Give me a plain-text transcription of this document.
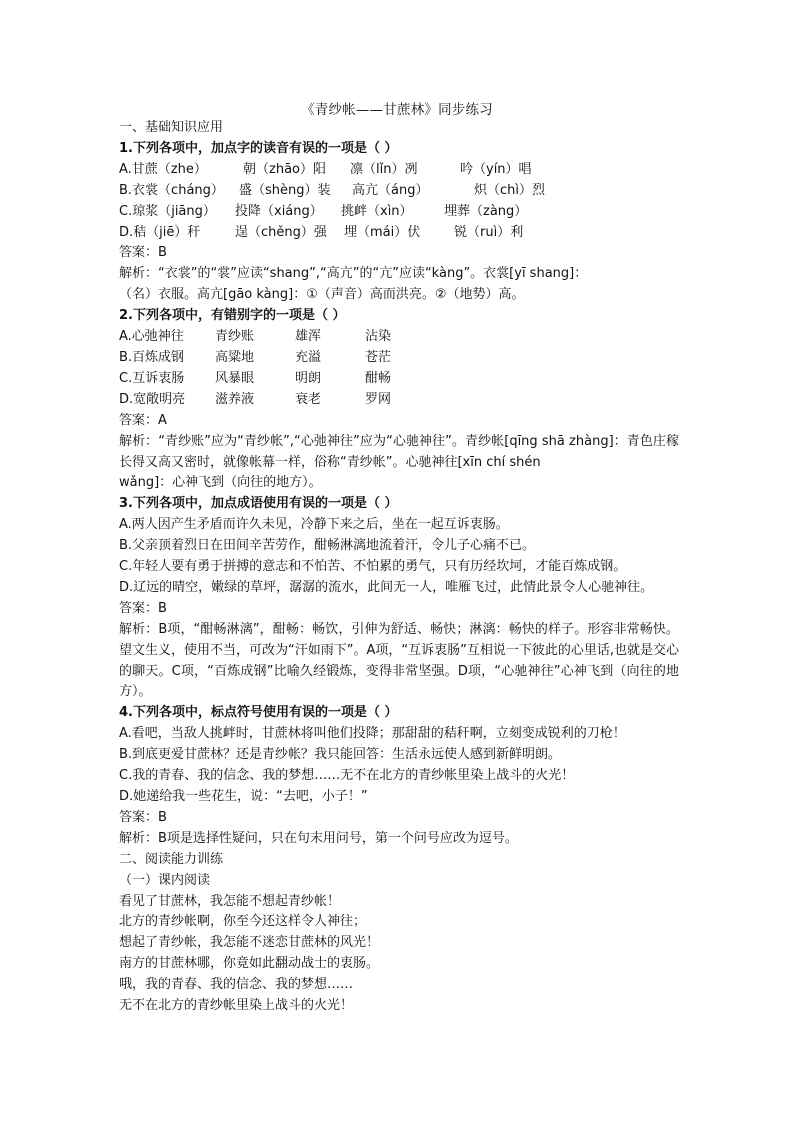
《青纱帐——甘蔗林》同步练习
一、基础知识应用
1.下列各项中，加点字的读音有误的一项是（ ）
A.甘蔗（zhe）	朝（zhāo）阳	凛（lǐn）冽	吟（yín）唱
B.衣裳（cháng）	盛（shèng）装	高亢（áng）	炽（chì）烈
C.琼浆（jiāng）	投降（xiáng）	挑衅（xìn）	埋葬（zàng）
D.秸（jiē）秆	逞（chěng）强	埋（mái）伏	锐（ruì）利
答案：B
解析：“衣裳”的“裳”应读“shang”,“高亢”的“亢”应读“kàng”。衣裳[yī shang]：
（名）衣服。高亢[gāo kàng]：①（声音）高而洪亮。②（地势）高。
2.下列各项中，有错别字的一项是（ ）
A.心弛神往	青纱账	雄浑	沾染
B.百炼成钢	高粱地	充溢	苍茫
C.互诉衷肠	风暴眼	明朗	酣畅
D.宽敞明亮	滋养液	衰老	罗网
答案：A
解析：“青纱账”应为“青纱帐”,“心弛神往”应为“心驰神往”。青纱帐[qīng shā zhàng]：青色庄稼长得又高又密时，就像帐幕一样，俗称“青纱帐”。心驰神往[xīn chí shén
wǎng]：心神飞到（向往的地方）。
3.下列各项中，加点成语使用有误的一项是（ ）
A.两人因产生矛盾而许久未见，冷静下来之后，坐在一起互诉衷肠。
B.父亲顶着烈日在田间辛苦劳作，酣畅淋漓地流着汗，令儿子心痛不已。
C.年轻人要有勇于拼搏的意志和不怕苦、不怕累的勇气，只有历经坎坷，才能百炼成钢。
D.辽远的晴空，嫩绿的草坪，潺潺的流水，此间无一人，唯雁飞过，此情此景令人心驰神往。
答案：B
解析：B项，“酣畅淋漓”，酣畅：畅饮，引伸为舒适、畅快；淋漓：畅快的样子。形容非常畅快。望文生义，使用不当，可改为“汗如雨下”。A项，“互诉衷肠”互相说一下彼此的心里话,也就是交心的聊天。C项，“百炼成钢”比喻久经锻炼，变得非常坚强。D项，“心驰神往”心神飞到（向往的地方）。
4.下列各项中，标点符号使用有误的一项是（ ）
A.看吧，当敌人挑衅时，甘蔗林将叫他们投降；那甜甜的秸秆啊，立刻变成锐利的刀枪！
B.到底更爱甘蔗林？还是青纱帐？我只能回答：生活永远使人感到新鲜明朗。
C.我的青春、我的信念、我的梦想……无不在北方的青纱帐里染上战斗的火光！
D.她递给我一些花生，说：“去吧，小子！”
答案：B
解析：B项是选择性疑问，只在句末用问号，第一个问号应改为逗号。
二、阅读能力训练
（一）课内阅读
看见了甘蔗林，我怎能不想起青纱帐！
北方的青纱帐啊，你至今还这样令人神往；
想起了青纱帐，我怎能不迷恋甘蔗林的风光！
南方的甘蔗林哪，你竟如此翻动战士的衷肠。
哦，我的青春、我的信念、我的梦想……
无不在北方的青纱帐里染上战斗的火光！
